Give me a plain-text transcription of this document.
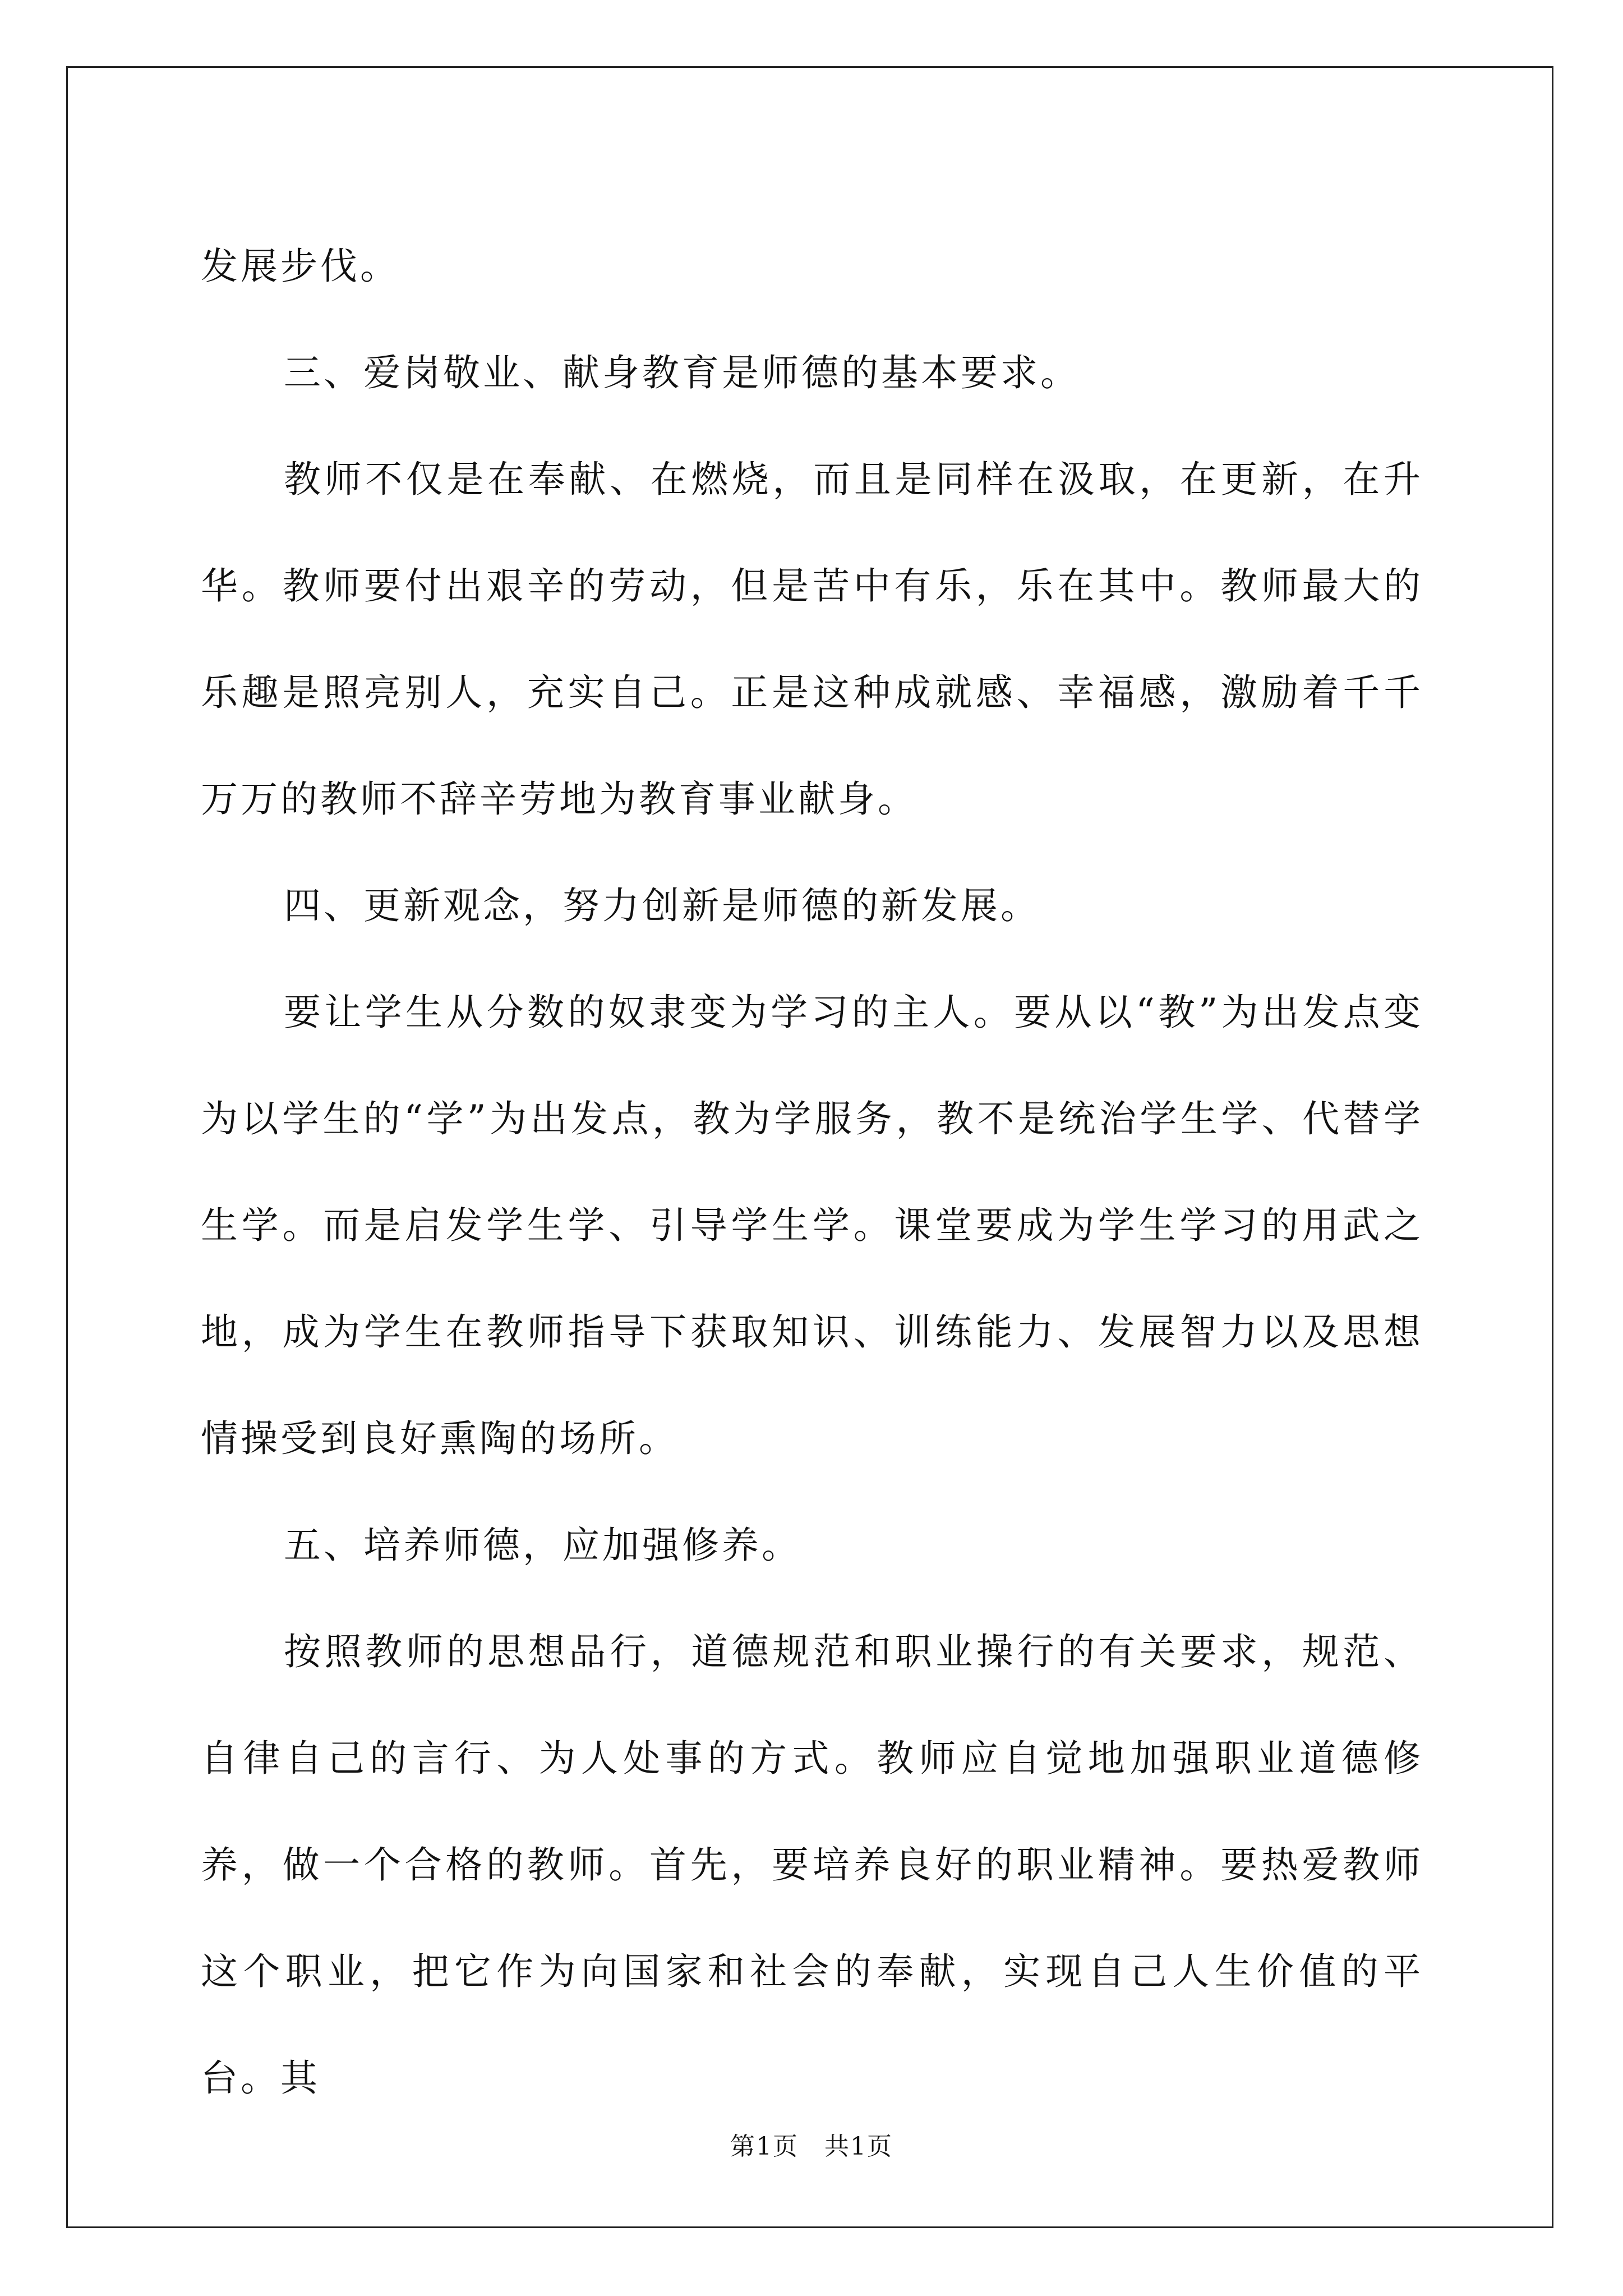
发展步伐。

三、爱岗敬业、献身教育是师德的基本要求。

教师不仅是在奉献、在燃烧，而且是同样在汲取，在更新，在升华。教师要付出艰辛的劳动，但是苦中有乐，乐在其中。教师最大的乐趣是照亮别人，充实自己。正是这种成就感、幸福感，激励着千千万万的教师不辞辛劳地为教育事业献身。

四、更新观念，努力创新是师德的新发展。

要让学生从分数的奴隶变为学习的主人。要从以“教”为出发点变为以学生的“学”为出发点，教为学服务，教不是统治学生学、代替学生学。而是启发学生学、引导学生学。课堂要成为学生学习的用武之地，成为学生在教师指导下获取知识、训练能力、发展智力以及思想情操受到良好熏陶的场所。

五、培养师德，应加强修养。

按照教师的思想品行，道德规范和职业操行的有关要求，规范、自律自己的言行、为人处事的方式。教师应自觉地加强职业道德修养，做一个合格的教师。首先，要培养良好的职业精神。要热爱教师这个职业，把它作为向国家和社会的奉献，实现自己人生价值的平台。其

第1页　共1页
